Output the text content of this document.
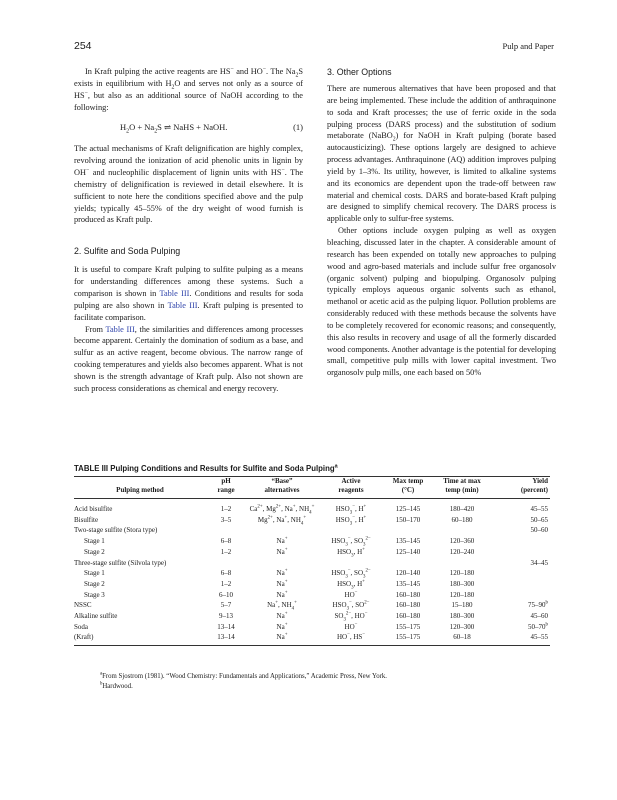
254	Pulp and Paper

In Kraft pulping the active reagents are HS− and HO−. The $Na_2S$ exists in equilibrium with $H_2O$ and serves not only as a source of HS−, but also as an additional source of NaOH according to the following:

$H_2O + Na_2S$ ⇌ NaHS + NaOH.	(1)

The actual mechanisms of Kraft delignification are highly complex, revolving around the ionization of acid phenolic units in lignin by OH− and nucleophilic displacement of lignin units with HS−. The chemistry of delignification is reviewed in detail elsewhere. It is sufficient to note here the conditions specified above and the pulp yields; typically 45–55% of the dry weight of wood furnish is produced as Kraft pulp.

2. Sulfite and Soda Pulping

It is useful to compare Kraft pulping to sulfite pulping as a means for understanding differences among these systems. Such a comparison is shown in Table III. Conditions and results for soda pulping are also shown in Table III. Kraft pulping is presented to facilitate comparison.

From Table III, the similarities and differences among processes become apparent. Certainly the domination of sodium as a base, and sulfur as an active reagent, become obvious. The narrow range of cooking temperatures and yields also becomes apparent. What is not shown is the strength advantage of Kraft pulp. Also not shown are such process considerations as chemical and energy recovery.

3. Other Options

There are numerous alternatives that have been proposed and that are being implemented. These include the addition of anthraquinone to soda and Kraft processes; the use of ferric oxide in the soda pulping process (DARS process) and the substitution of sodium metaborate (NaBO$_2$) for NaOH in Kraft pulping (borate based autocausticizing). These options largely are designed to achieve process advantages. Anthraquinone (AQ) addition improves pulping yield by 1–3%. Its utility, however, is limited to alkaline systems and its economics are dependent upon the trade-off between raw material and chemical costs. DARS and borate-based Kraft pulping are designed to simplify chemical recovery. The DARS process is applicable only to sulfur-free systems.

Other options include oxygen pulping as well as oxygen bleaching, discussed later in the chapter. A considerable amount of research has been expended on totally new approaches to pulping wood and agro-based materials and include sulfur free organosolv (organic solvent) pulping and biopulping. Organosolv pulping typically employs aqueous organic solvents such as ethanol, methanol or acetic acid as the pulping liquor. Pollution problems are considerably reduced with these methods because the solvents have to be completely recovered for economic reasons; and consequently, this also results in recovery and usage of all the formerly discarded wood components. Another advantage is the potential for developing small, competitive pulp mills with lower capital investment. Two organosolv pulp mills, one each based on 50%

TABLE III Pulping Conditions and Results for Sulfite and Soda Pulping$^a$
	pH	“Base”	Active	Max temp	Time at max	Yield
Pulping method	range	alternatives	reagents	(°C)	temp (min)	(percent)
Acid bisulfite	1–2	$Ca^{2+}$, $Mg^{2+}$, Na+, $NH_4^+$	$HSO_3^-$, H+	125–145	180–420	45–55
Bisulfite	3–5	$Mg^{2+}$, Na+, $NH_4^+$	$HSO_3^-$, H+	150–170	60–180	50–65
Two-stage sulfite (Stora type)						50–60
Stage 1	6–8	Na+	$HSO_3^-$, $SO_3^{2-}$	135–145	120–360	
Stage 2	1–2	Na+	$HSO_3$, H+	125–140	120–240	
Three-stage sulfite (Silvola type)						34–45
Stage 1	6–8	Na+	$HSO_3^-$, $SO_3^{2-}$	120–140	120–180	
Stage 2	1–2	Na+	$HSO_3$, H+	135–145	180–300	
Stage 3	6–10	Na+	HO−	160–180	120–180	
NSSC	5–7	Na+, $NH_4^+$	$HSO_3^-$, $SO^{2-}$	160–180	15–180	75–90$^b$
Alkaline sulfite	9–13	Na+	$SO_3^{2-}$, HO−	160–180	180–300	45–60
Soda	13–14	Na+	HO−	155–175	120–300	50–70$^b$
(Kraft)	13–14	Na+	HO−, HS−	155–175	60–18	45–55
$^a$From Sjostrom (1981). “Wood Chemistry: Fundamentals and Applications,” Academic Press, New York.
$^b$Hardwood.
